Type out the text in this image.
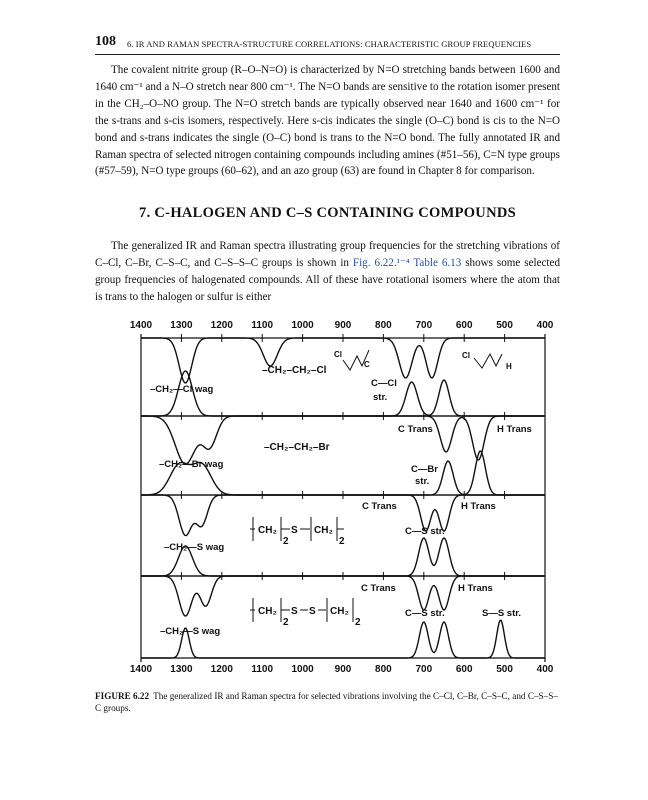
108 6. IR AND RAMAN SPECTRA-STRUCTURE CORRELATIONS: CHARACTERISTIC GROUP FREQUENCIES
The covalent nitrite group (R–O–N=O) is characterized by N=O stretching bands between 1600 and 1640 cm⁻¹ and a N–O stretch near 800 cm⁻¹. The N=O bands are sensitive to the rotation isomer present in the CH₂–O–NO group. The N=O stretch bands are typically observed near 1640 and 1600 cm⁻¹ for the s-trans and s-cis isomers, respectively. Here s-cis indicates the single (O–C) bond is cis to the N=O bond and s-trans indicates the single (O–C) bond is trans to the N=O bond. The fully annotated IR and Raman spectra of selected nitrogen containing compounds including amines (#51–56), C=N type groups (#57–59), N=O type groups (60–62), and an azo group (63) are found in Chapter 8 for comparison.
7. C-HALOGEN AND C–S CONTAINING COMPOUNDS
The generalized IR and Raman spectra illustrating group frequencies for the stretching vibrations of C–Cl, C–Br, C–S–C, and C–S–S–C groups is shown in Fig. 6.22.¹⁻⁴ Table 6.13 shows some selected group frequencies of halogenated compounds. All of these have rotational isomers where the atom that is trans to the halogen or sulfur is either
1400
1400
1300
1300
1200
1200
1100
1100
1000
1000
900
900
800
800
700
700
600
600
500
500
400
400
–CH₂–CH₂–Cl
–CH₂—Cl wag
C—Cl
str.
Cl
C
Cl
H
–CH₂–CH₂–Br
C Trans	H Trans
–CH₂—Br wag	C—Br
str.
CH₂
2
S CH₂
2
C Trans	H Trans
–CH₂—S wag
C—S str.
CH₂
2
S S CH₂
2
C Trans	H Trans
–CH₂—S wag
C—S str.	S—S str.
FIGURE 6.22 The generalized IR and Raman spectra for selected vibrations involving the C–Cl, C–Br, C–S–C, and C–S–S–C groups.
